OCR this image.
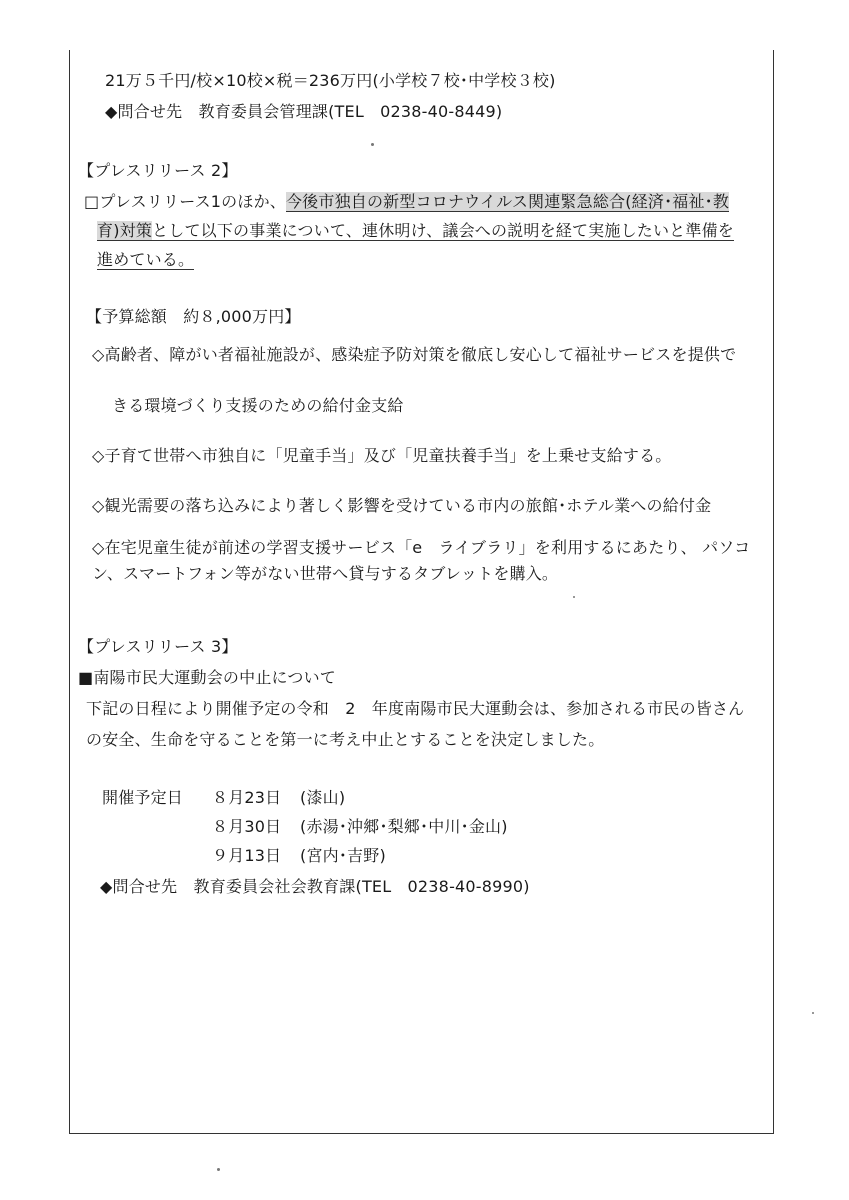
21万５千円/校×10校×税＝236万円(小学校７校･中学校３校)
◆問合せ先　教育委員会管理課(TEL　0238-40-8449)
【プレスリリース 2】
□プレスリリース1のほか、今後市独自の新型コロナウイルス関連緊急総合(経済･福祉･教
育)対策として以下の事業について、連休明け、議会への説明を経て実施したいと準備を
進めている。
【予算総額　約８,000万円】
◇高齢者、障がい者福祉施設が、感染症予防対策を徹底し安心して福祉サービスを提供で
きる環境づくり支援のための給付金支給
◇子育て世帯へ市独自に「児童手当」及び「児童扶養手当」を上乗せ支給する。
◇観光需要の落ち込みにより著しく影響を受けている市内の旅館･ホテル業への給付金
◇在宅児童生徒が前述の学習支援サービス「e　ライブラリ」を利用するにあたり、 パソコ
ン、スマートフォン等がない世帯へ貸与するタブレットを購入。
【プレスリリース 3】
■南陽市民大運動会の中止について
下記の日程により開催予定の令和　2　年度南陽市民大運動会は、参加される市民の皆さん
の安全、生命を守ることを第一に考え中止とすることを決定しました。
開催予定日 ８月23日 (漆山)
８月30日 (赤湯･沖郷･梨郷･中川･金山)
９月13日 (宮内･吉野)
◆問合せ先　教育委員会社会教育課(TEL　0238-40-8990)
